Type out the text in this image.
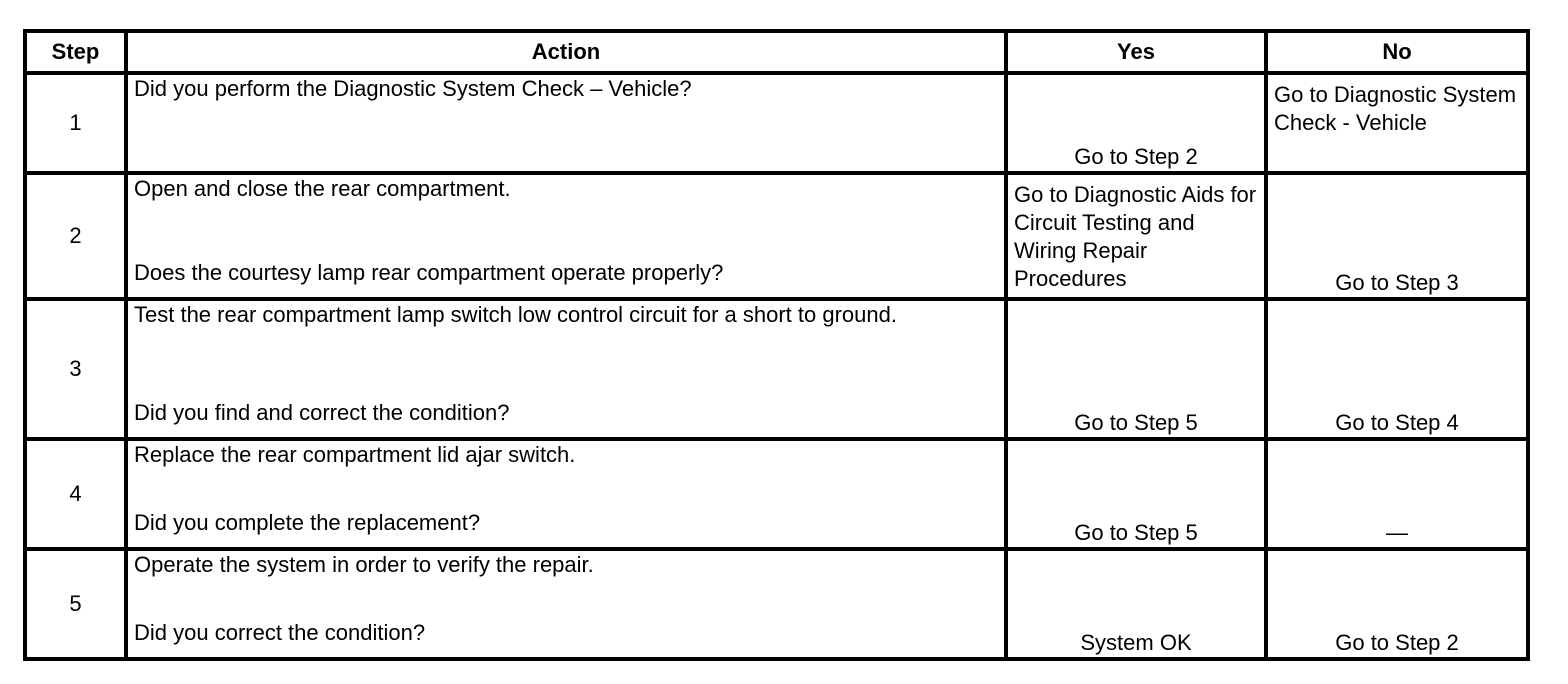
Step	Action	Yes	No
1	Did you perform the Diagnostic System Check – Vehicle?	Go to Step 2	Go to Diagnostic System Check - Vehicle
2	Open and close the rear compartment.
Does the courtesy lamp rear compartment operate properly?	Go to Diagnostic Aids for Circuit Testing and Wiring Repair Procedures	Go to Step 3
3	Test the rear compartment lamp switch low control circuit for a short to ground.
Did you find and correct the condition?	Go to Step 5	Go to Step 4
4	Replace the rear compartment lid ajar switch.
Did you complete the replacement?	Go to Step 5	—
5	Operate the system in order to verify the repair.
Did you correct the condition?	System OK	Go to Step 2
